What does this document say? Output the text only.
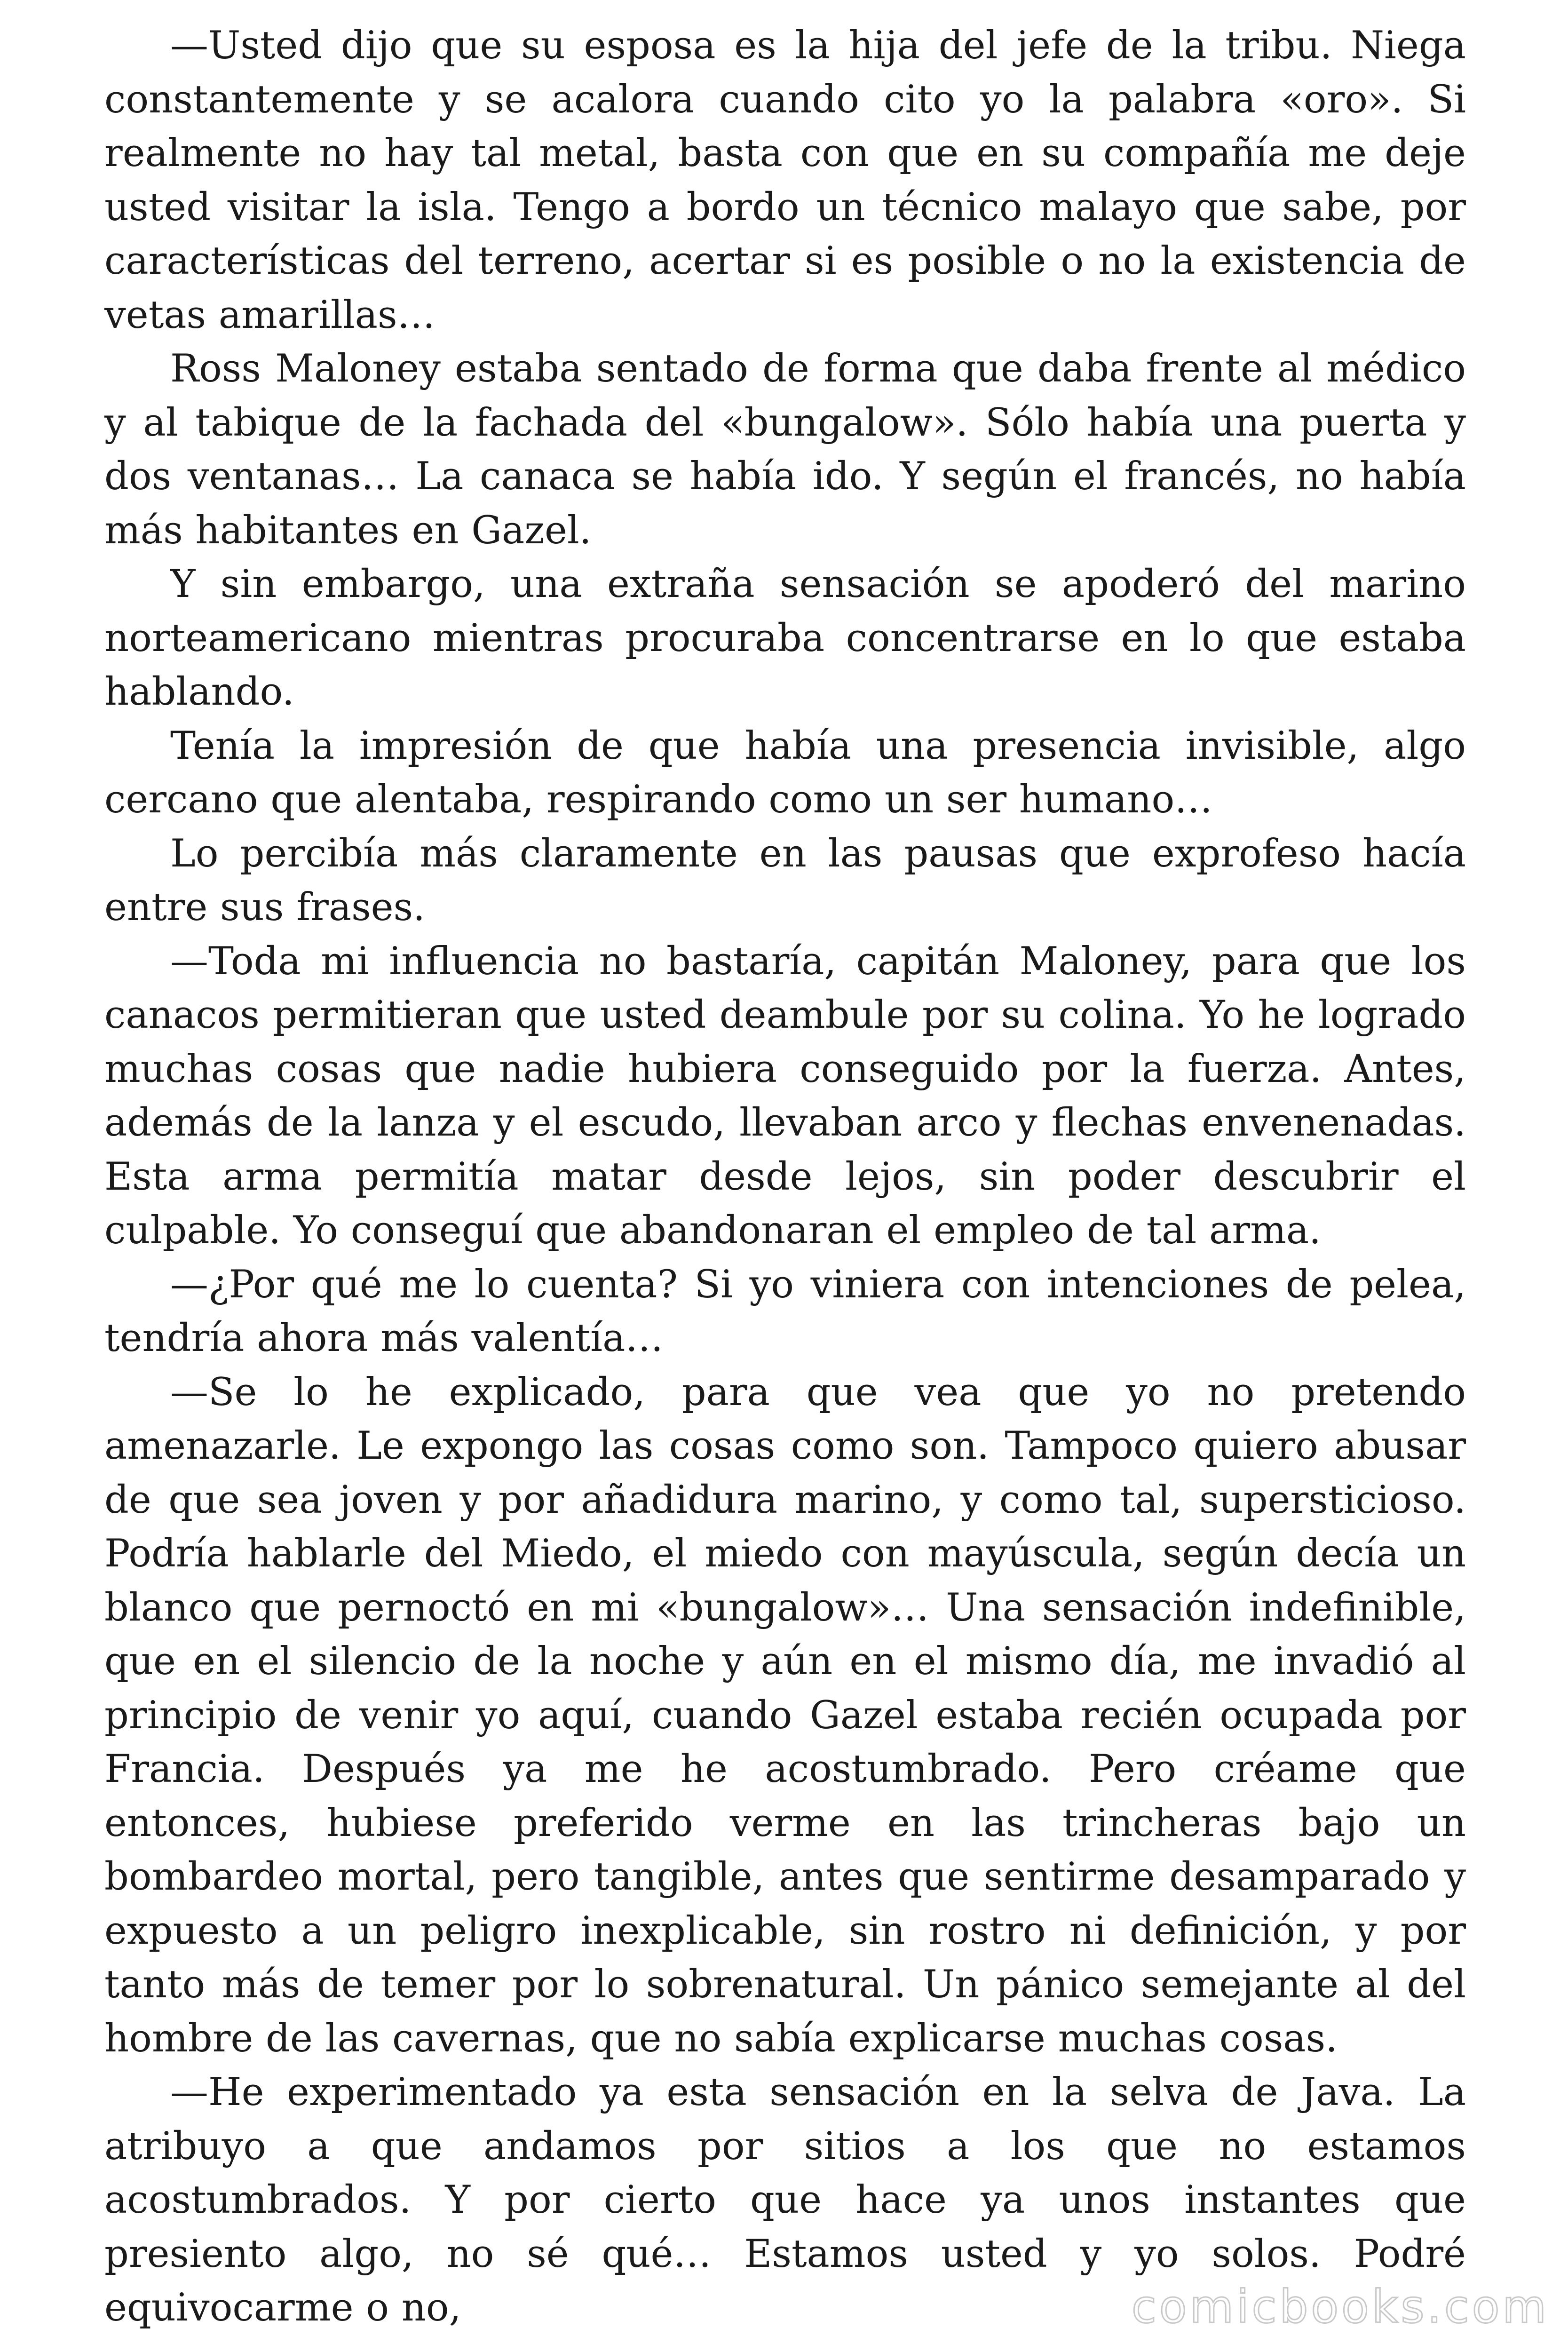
—Usted dijo que su esposa es la hija del jefe de la tribu. Niega constantemente y se acalora cuando cito yo la palabra «oro». Si realmente no hay tal metal, basta con que en su compañía me deje usted visitar la isla. Tengo a bordo un técnico malayo que sabe, por características del terreno, acertar si es posible o no la existencia de vetas amarillas…

Ross Maloney estaba sentado de forma que daba frente al médico y al tabique de la fachada del «bungalow». Sólo había una puerta y dos ventanas… La canaca se había ido. Y según el francés, no había más habitantes en Gazel.

Y sin embargo, una extraña sensación se apoderó del marino norteamericano mientras procuraba concentrarse en lo que estaba hablando.

Tenía la impresión de que había una presencia invisible, algo cercano que alentaba, respirando como un ser humano…

Lo percibía más claramente en las pausas que exprofeso hacía entre sus frases.

—Toda mi influencia no bastaría, capitán Maloney, para que los canacos permitieran que usted deambule por su colina. Yo he logrado muchas cosas que nadie hubiera conseguido por la fuerza. Antes, además de la lanza y el escudo, llevaban arco y flechas envenenadas. Esta arma permitía matar desde lejos, sin poder descubrir el culpable. Yo conseguí que abandonaran el empleo de tal arma.

—¿Por qué me lo cuenta? Si yo viniera con intenciones de pelea, tendría ahora más valentía…

—Se lo he explicado, para que vea que yo no pretendo amenazarle. Le expongo las cosas como son. Tampoco quiero abusar de que sea joven y por añadidura marino, y como tal, supersticioso. Podría hablarle del Miedo, el miedo con mayúscula, según decía un blanco que pernoctó en mi «bungalow»… Una sensación indefinible, que en el silencio de la noche y aún en el mismo día, me invadió al principio de venir yo aquí, cuando Gazel estaba recién ocupada por Francia. Después ya me he acostumbrado. Pero créame que entonces, hubiese preferido verme en las trincheras bajo un bombardeo mortal, pero tangible, antes que sentirme desamparado y expuesto a un peligro inexplicable, sin rostro ni definición, y por tanto más de temer por lo sobrenatural. Un pánico semejante al del hombre de las cavernas, que no sabía explicarse muchas cosas.

—He experimentado ya esta sensación en la selva de Java. La atribuyo a que andamos por sitios a los que no estamos acostumbrados. Y por cierto que hace ya unos instantes que presiento algo, no sé qué… Estamos usted y yo solos. Podré equivocarme o no,	comicbooks.com
